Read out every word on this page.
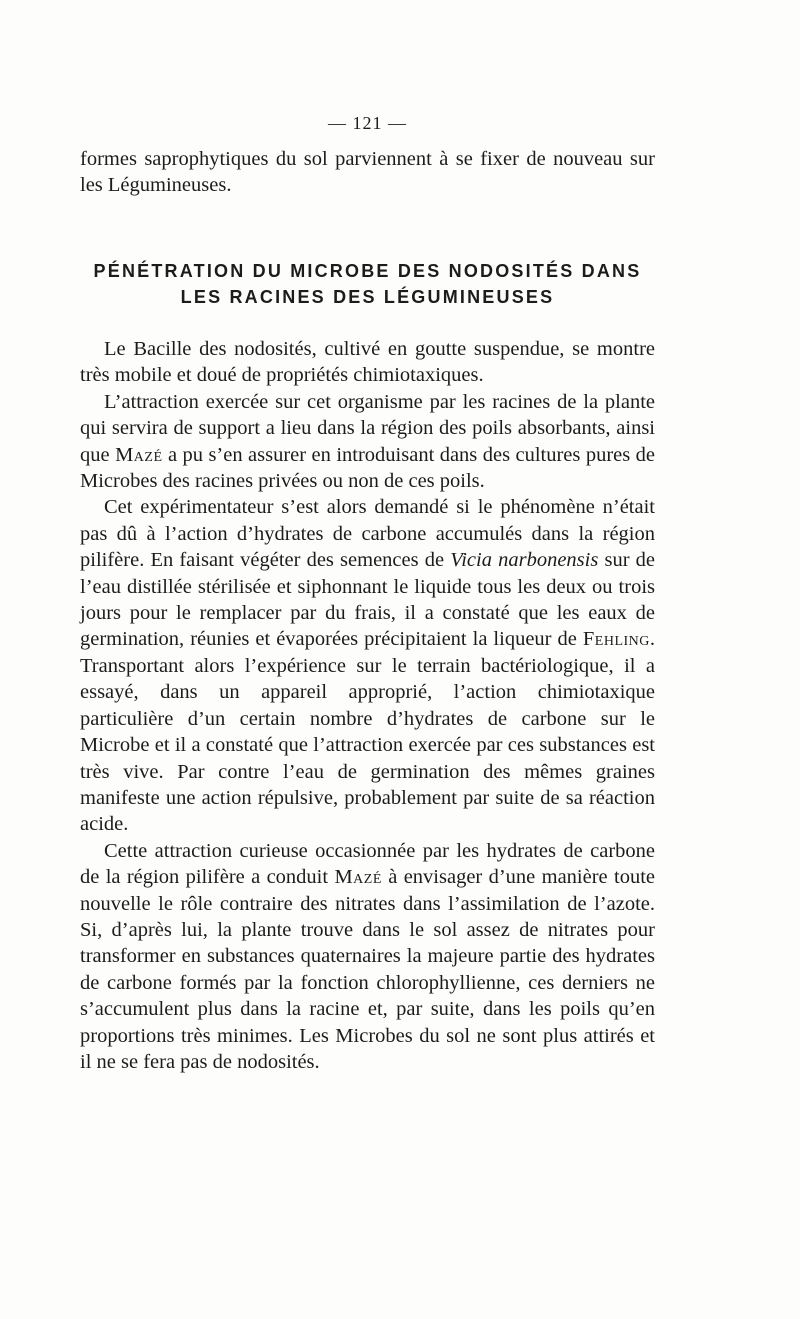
— 121 —

formes saprophytiques du sol parviennent à se fixer de nouveau sur les Légumineuses.

PÉNÉTRATION DU MICROBE DES NODOSITÉS DANS
LES RACINES DES LÉGUMINEUSES

Le Bacille des nodosités, cultivé en goutte suspendue, se montre très mobile et doué de propriétés chimiotaxiques.

L’attraction exercée sur cet organisme par les racines de la plante qui servira de support a lieu dans la région des poils absorbants, ainsi que Mazé a pu s’en assurer en introduisant dans des cultures pures de Microbes des racines privées ou non de ces poils.

Cet expérimentateur s’est alors demandé si le phénomène n’était pas dû à l’action d’hydrates de carbone accumulés dans la région pilifère. En faisant végéter des semences de Vicia narbonensis sur de l’eau distillée stérilisée et siphonnant le liquide tous les deux ou trois jours pour le remplacer par du frais, il a constaté que les eaux de germination, réunies et évaporées précipitaient la liqueur de Fehling. Transportant alors l’expérience sur le terrain bactériologique, il a essayé, dans un appareil approprié, l’action chimiotaxique particulière d’un certain nombre d’hydrates de carbone sur le Microbe et il a constaté que l’attraction exercée par ces substances est très vive. Par contre l’eau de germination des mêmes graines manifeste une action répulsive, probablement par suite de sa réaction acide.

Cette attraction curieuse occasionnée par les hydrates de carbone de la région pilifère a conduit Mazé à envisager d’une manière toute nouvelle le rôle contraire des nitrates dans l’assimilation de l’azote. Si, d’après lui, la plante trouve dans le sol assez de nitrates pour transformer en substances quaternaires la majeure partie des hydrates de carbone formés par la fonction chlorophyllienne, ces derniers ne s’accumulent plus dans la racine et, par suite, dans les poils qu’en proportions très minimes. Les Microbes du sol ne sont plus attirés et il ne se fera pas de nodosités.
